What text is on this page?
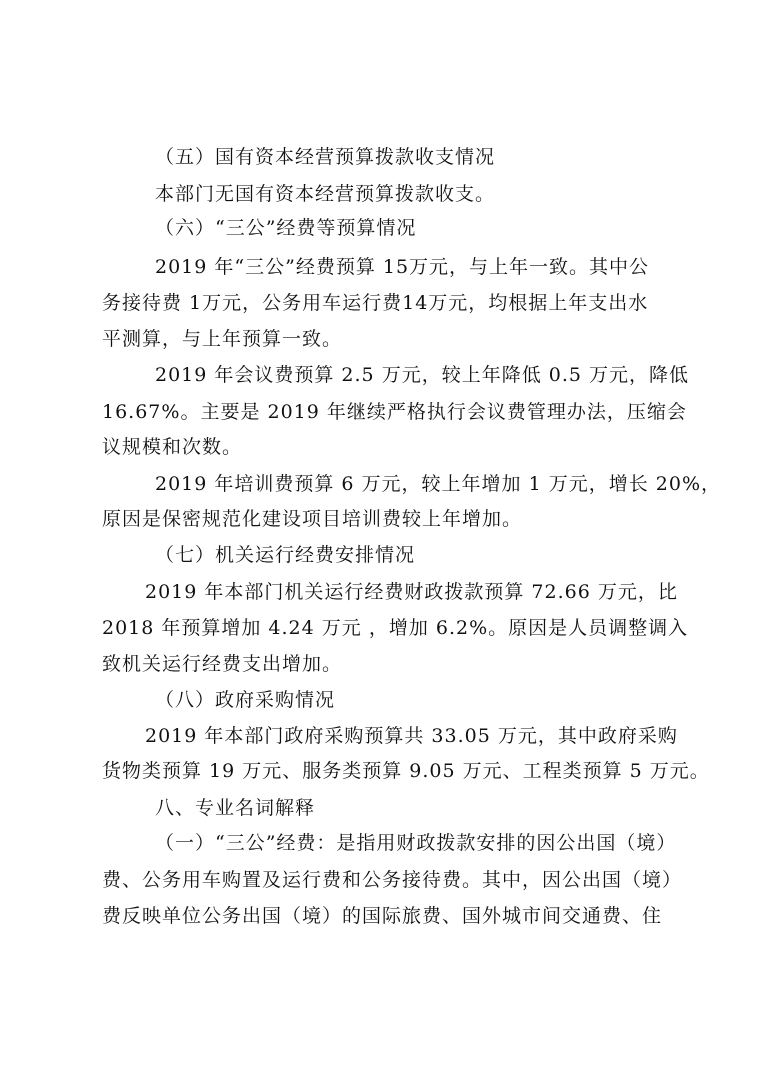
（五）国有资本经营预算拨款收支情况
本部门无国有资本经营预算拨款收支。
（六）“三公”经费等预算情况
2019 年“三公”经费预算 15万元，与上年一致。其中公
务接待费 1万元，公务用车运行费14万元，均根据上年支出水
平测算，与上年预算一致。
2019 年会议费预算 2.5 万元，较上年降低 0.5 万元，降低
16.67%。主要是 2019 年继续严格执行会议费管理办法，压缩会
议规模和次数。
2019 年培训费预算 6 万元，较上年增加 1 万元，增长 20%，
原因是保密规范化建设项目培训费较上年增加。
（七）机关运行经费安排情况
2019 年本部门机关运行经费财政拨款预算 72.66 万元，比
2018 年预算增加 4.24 万元 ，增加 6.2%。原因是人员调整调入
致机关运行经费支出增加。
（八）政府采购情况
2019 年本部门政府采购预算共 33.05 万元，其中政府采购
货物类预算 19 万元、服务类预算 9.05 万元、工程类预算 5 万元。
八、专业名词解释
（一）“三公”经费：是指用财政拨款安排的因公出国（境）
费、公务用车购置及运行费和公务接待费。其中，因公出国（境）
费反映单位公务出国（境）的国际旅费、国外城市间交通费、住
